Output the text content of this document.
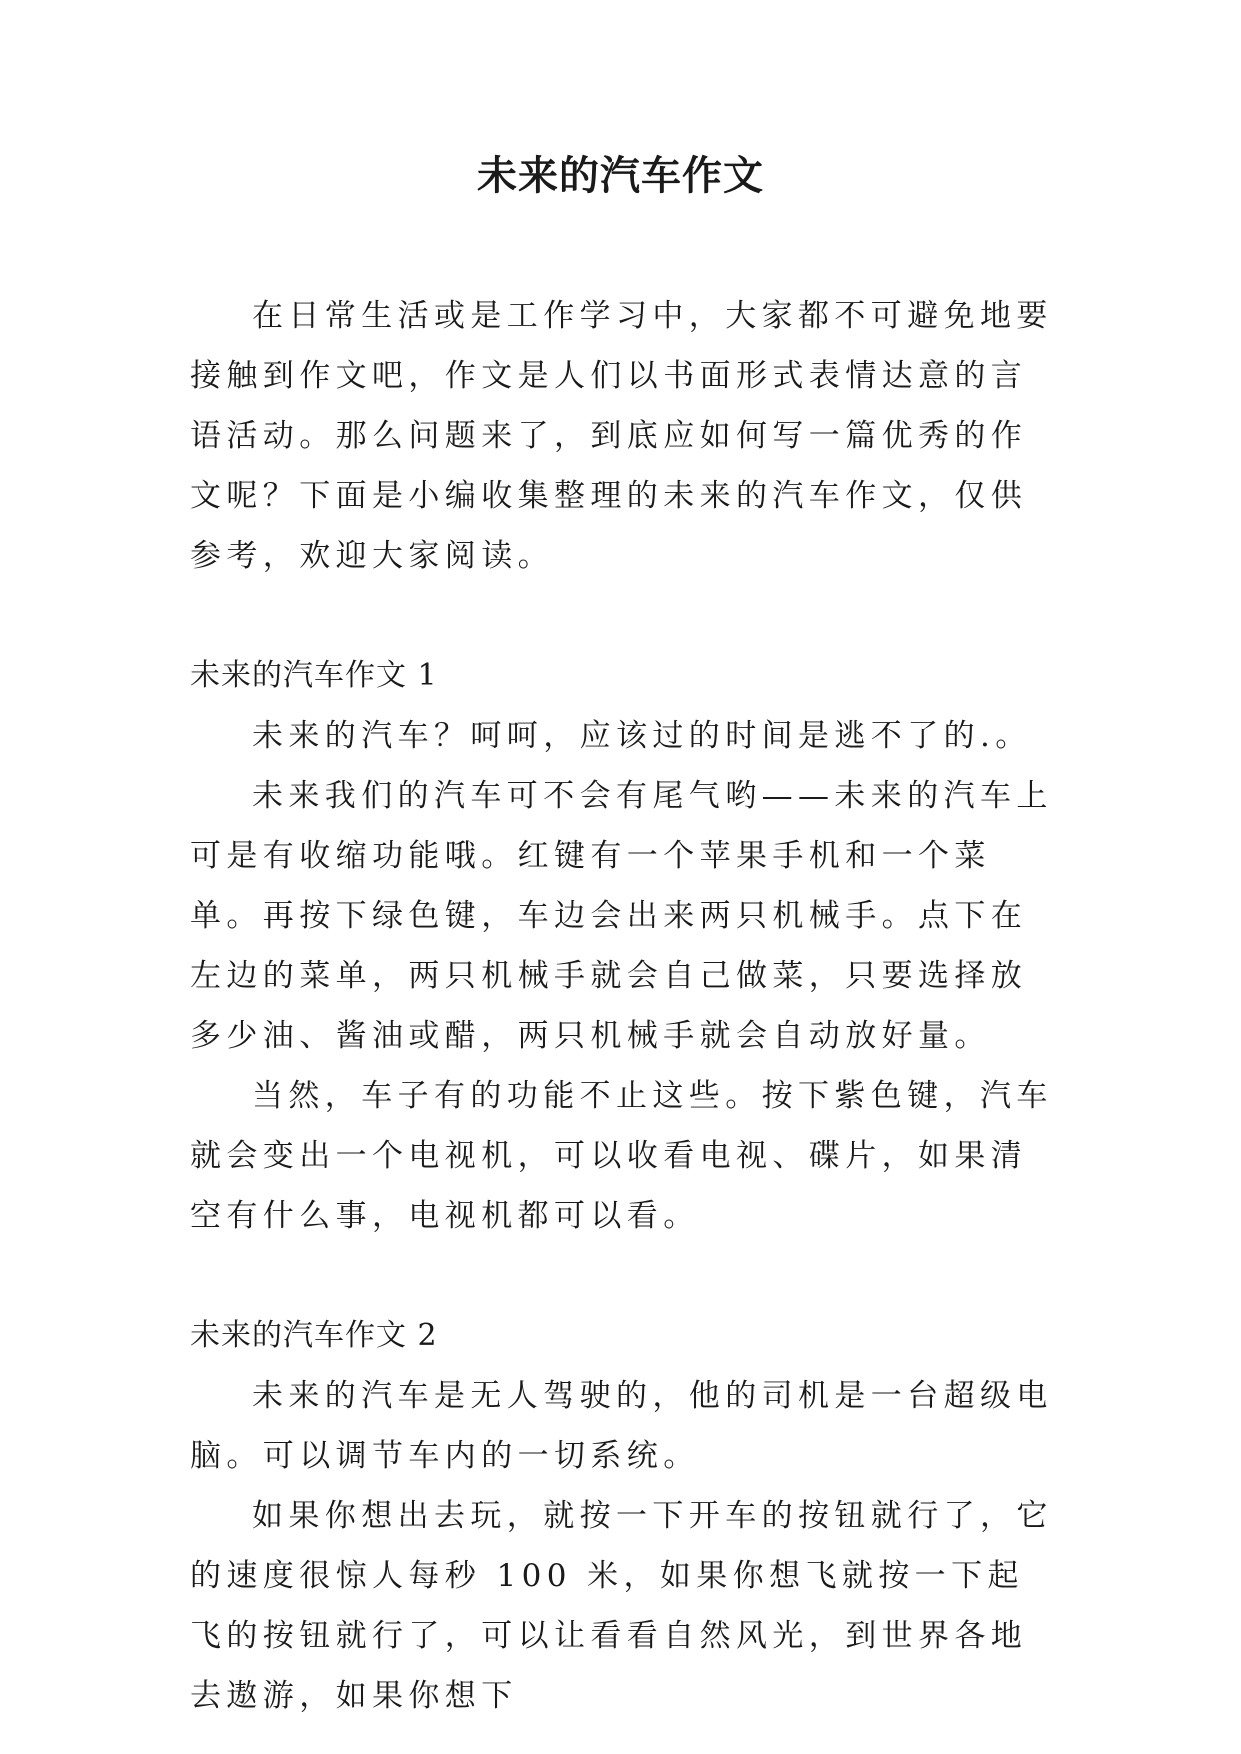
未来的汽车作文

在日常生活或是工作学习中，大家都不可避免地要接触到作文吧，作文是人们以书面形式表情达意的言语活动。那么问题来了，到底应如何写一篇优秀的作文呢？下面是小编收集整理的未来的汽车作文，仅供参考，欢迎大家阅读。

未来的汽车作文 1

未来的汽车？呵呵，应该过的时间是逃不了的.。

未来我们的汽车可不会有尾气哟——未来的汽车上可是有收缩功能哦。红键有一个苹果手机和一个菜单。再按下绿色键，车边会出来两只机械手。点下在左边的菜单，两只机械手就会自己做菜，只要选择放多少油、酱油或醋，两只机械手就会自动放好量。

当然，车子有的功能不止这些。按下紫色键，汽车就会变出一个电视机，可以收看电视、碟片，如果清空有什么事，电视机都可以看。

未来的汽车作文 2

未来的汽车是无人驾驶的，他的司机是一台超级电脑。可以调节车内的一切系统。

如果你想出去玩，就按一下开车的按钮就行了，它的速度很惊人每秒 100 米，如果你想飞就按一下起飞的按钮就行了，可以让看看自然风光，到世界各地去遨游，如果你想下
